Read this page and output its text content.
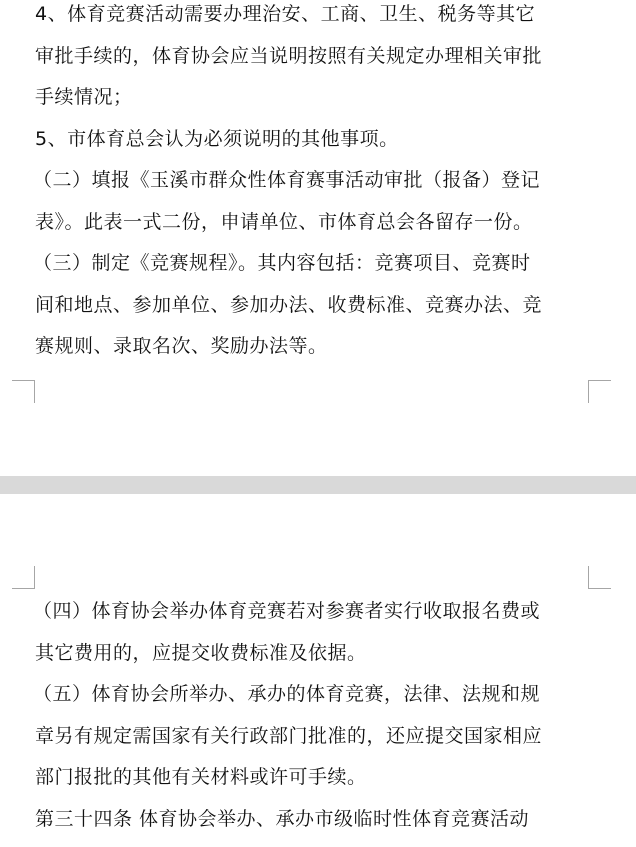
4、体育竞赛活动需要办理治安、工商、卫生、税务等其它
审批手续的，体育协会应当说明按照有关规定办理相关审批
手续情况；
5、市体育总会认为必须说明的其他事项。
（二）填报《玉溪市群众性体育赛事活动审批（报备）登记
表》。此表一式二份，申请单位、市体育总会各留存一份。
（三）制定《竞赛规程》。其内容包括：竞赛项目、竞赛时
间和地点、参加单位、参加办法、收费标准、竞赛办法、竞
赛规则、录取名次、奖励办法等。
（四）体育协会举办体育竞赛若对参赛者实行收取报名费或
其它费用的，应提交收费标准及依据。
（五）体育协会所举办、承办的体育竞赛，法律、法规和规
章另有规定需国家有关行政部门批准的，还应提交国家相应
部门报批的其他有关材料或许可手续。
第三十四条 体育协会举办、承办市级临时性体育竞赛活动
